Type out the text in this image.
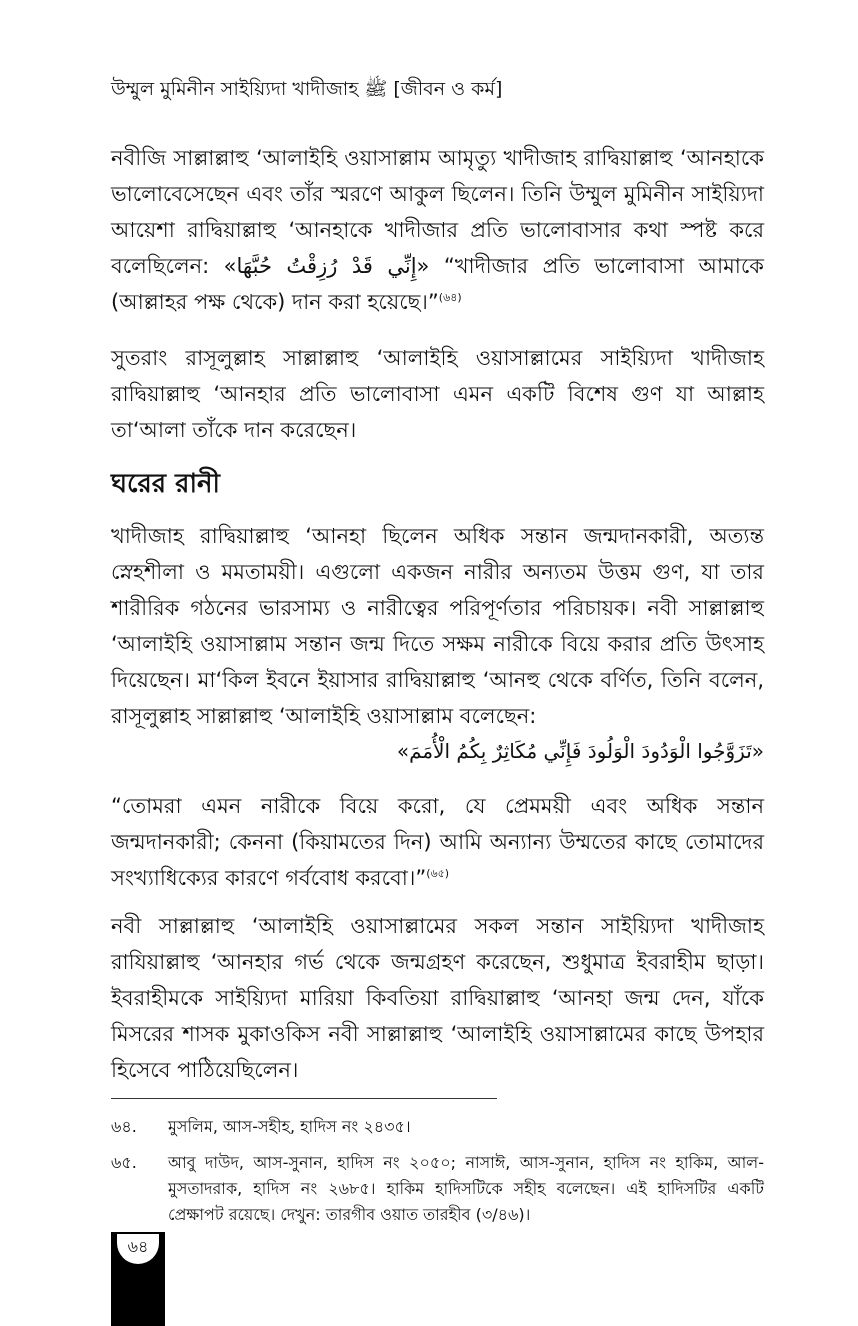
উম্মুল মুমিনীন সাইয়্যিদা খাদীজাহ ﷺ [জীবন ও কর্ম]
নবীজি সাল্লাল্লাহু ‘আলাইহি ওয়াসাল্লাম আমৃত্যু খাদীজাহ রাদ্বিয়াল্লাহু ‘আনহাকে ভালোবেসেছেন এবং তাঁর স্মরণে আকুল ছিলেন। তিনি উম্মুল মুমিনীন সাইয়্যিদা আয়েশা রাদ্বিয়াল্লাহু ‘আনহাকে খাদীজার প্রতি ভালোবাসার কথা স্পষ্ট করে বলেছিলেন: «إِنِّي قَدْ رُزِقْتُ حُبَّهَا» “খাদীজার প্রতি ভালোবাসা আমাকে (আল্লাহর পক্ষ থেকে) দান করা হয়েছে।”$^{(৬৪)}$
সুতরাং রাসূলুল্লাহ সাল্লাল্লাহু ‘আলাইহি ওয়াসাল্লামের সাইয়্যিদা খাদীজাহ রাদ্বিয়াল্লাহু ‘আনহার প্রতি ভালোবাসা এমন একটি বিশেষ গুণ যা আল্লাহ তা‘আলা তাঁকে দান করেছেন।
ঘরের রানী
খাদীজাহ রাদ্বিয়াল্লাহু ‘আনহা ছিলেন অধিক সন্তান জন্মদানকারী, অত্যন্ত স্নেহশীলা ও মমতাময়ী। এগুলো একজন নারীর অন্যতম উত্তম গুণ, যা তার শারীরিক গঠনের ভারসাম্য ও নারীত্বের পরিপূর্ণতার পরিচায়ক। নবী সাল্লাল্লাহু ‘আলাইহি ওয়াসাল্লাম সন্তান জন্ম দিতে সক্ষম নারীকে বিয়ে করার প্রতি উৎসাহ দিয়েছেন। মা‘কিল ইবনে ইয়াসার রাদ্বিয়াল্লাহু ‘আনহু থেকে বর্ণিত, তিনি বলেন, রাসূলুল্লাহ সাল্লাল্লাহু ‘আলাইহি ওয়াসাল্লাম বলেছেন:
«تَزَوَّجُوا الْوَدُودَ الْوَلُودَ فَإِنِّي مُكَاثِرٌ بِكُمُ الْأُمَمَ»
“তোমরা এমন নারীকে বিয়ে করো, যে প্রেমময়ী এবং অধিক সন্তান জন্মদানকারী; কেননা (কিয়ামতের দিন) আমি অন্যান্য উম্মতের কাছে তোমাদের সংখ্যাধিক্যের কারণে গর্ববোধ করবো।”$^{(৬৫)}$
নবী সাল্লাল্লাহু ‘আলাইহি ওয়াসাল্লামের সকল সন্তান সাইয়্যিদা খাদীজাহ রাযিয়াল্লাহু ‘আনহার গর্ভ থেকে জন্মগ্রহণ করেছেন, শুধুমাত্র ইবরাহীম ছাড়া। ইবরাহীমকে সাইয়্যিদা মারিয়া কিবতিয়া রাদ্বিয়াল্লাহু ‘আনহা জন্ম দেন, যাঁকে মিসরের শাসক মুকাওকিস নবী সাল্লাল্লাহু ‘আলাইহি ওয়াসাল্লামের কাছে উপহার হিসেবে পাঠিয়েছিলেন।
৬৪. মুসলিম, আস-সহীহ, হাদিস নং ২৪৩৫।
৬৫. আবু দাউদ, আস-সুনান, হাদিস নং ২০৫০; নাসাঈ, আস-সুনান, হাদিস নং হাকিম, আল-মুসতাদরাক, হাদিস নং ২৬৮৫। হাকিম হাদিসটিকে সহীহ বলেছেন। এই হাদিসটির একটি প্রেক্ষাপট রয়েছে। দেখুন: তারগীব ওয়াত তারহীব (৩/৪৬)।
৬৪
